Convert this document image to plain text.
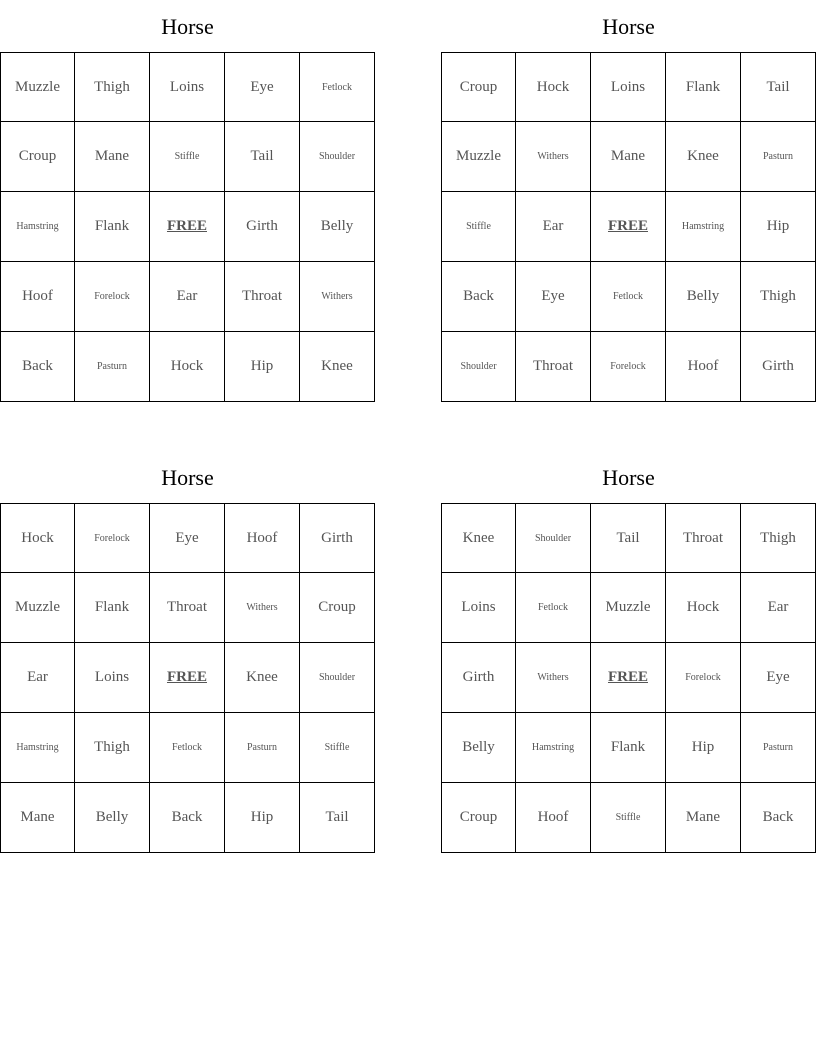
Horse
Muzzle	Thigh	Loins	Eye	Fetlock
Croup	Mane	Stiffle	Tail	Shoulder
Hamstring	Flank	FREE	Girth	Belly
Hoof	Forelock	Ear	Throat	Withers
Back	Pasturn	Hock	Hip	Knee
Horse
Croup	Hock	Loins	Flank	Tail
Muzzle	Withers	Mane	Knee	Pasturn
Stiffle	Ear	FREE	Hamstring	Hip
Back	Eye	Fetlock	Belly	Thigh
Shoulder	Throat	Forelock	Hoof	Girth
Horse
Hock	Forelock	Eye	Hoof	Girth
Muzzle	Flank	Throat	Withers	Croup
Ear	Loins	FREE	Knee	Shoulder
Hamstring	Thigh	Fetlock	Pasturn	Stiffle
Mane	Belly	Back	Hip	Tail
Horse
Knee	Shoulder	Tail	Throat	Thigh
Loins	Fetlock	Muzzle	Hock	Ear
Girth	Withers	FREE	Forelock	Eye
Belly	Hamstring	Flank	Hip	Pasturn
Croup	Hoof	Stiffle	Mane	Back
